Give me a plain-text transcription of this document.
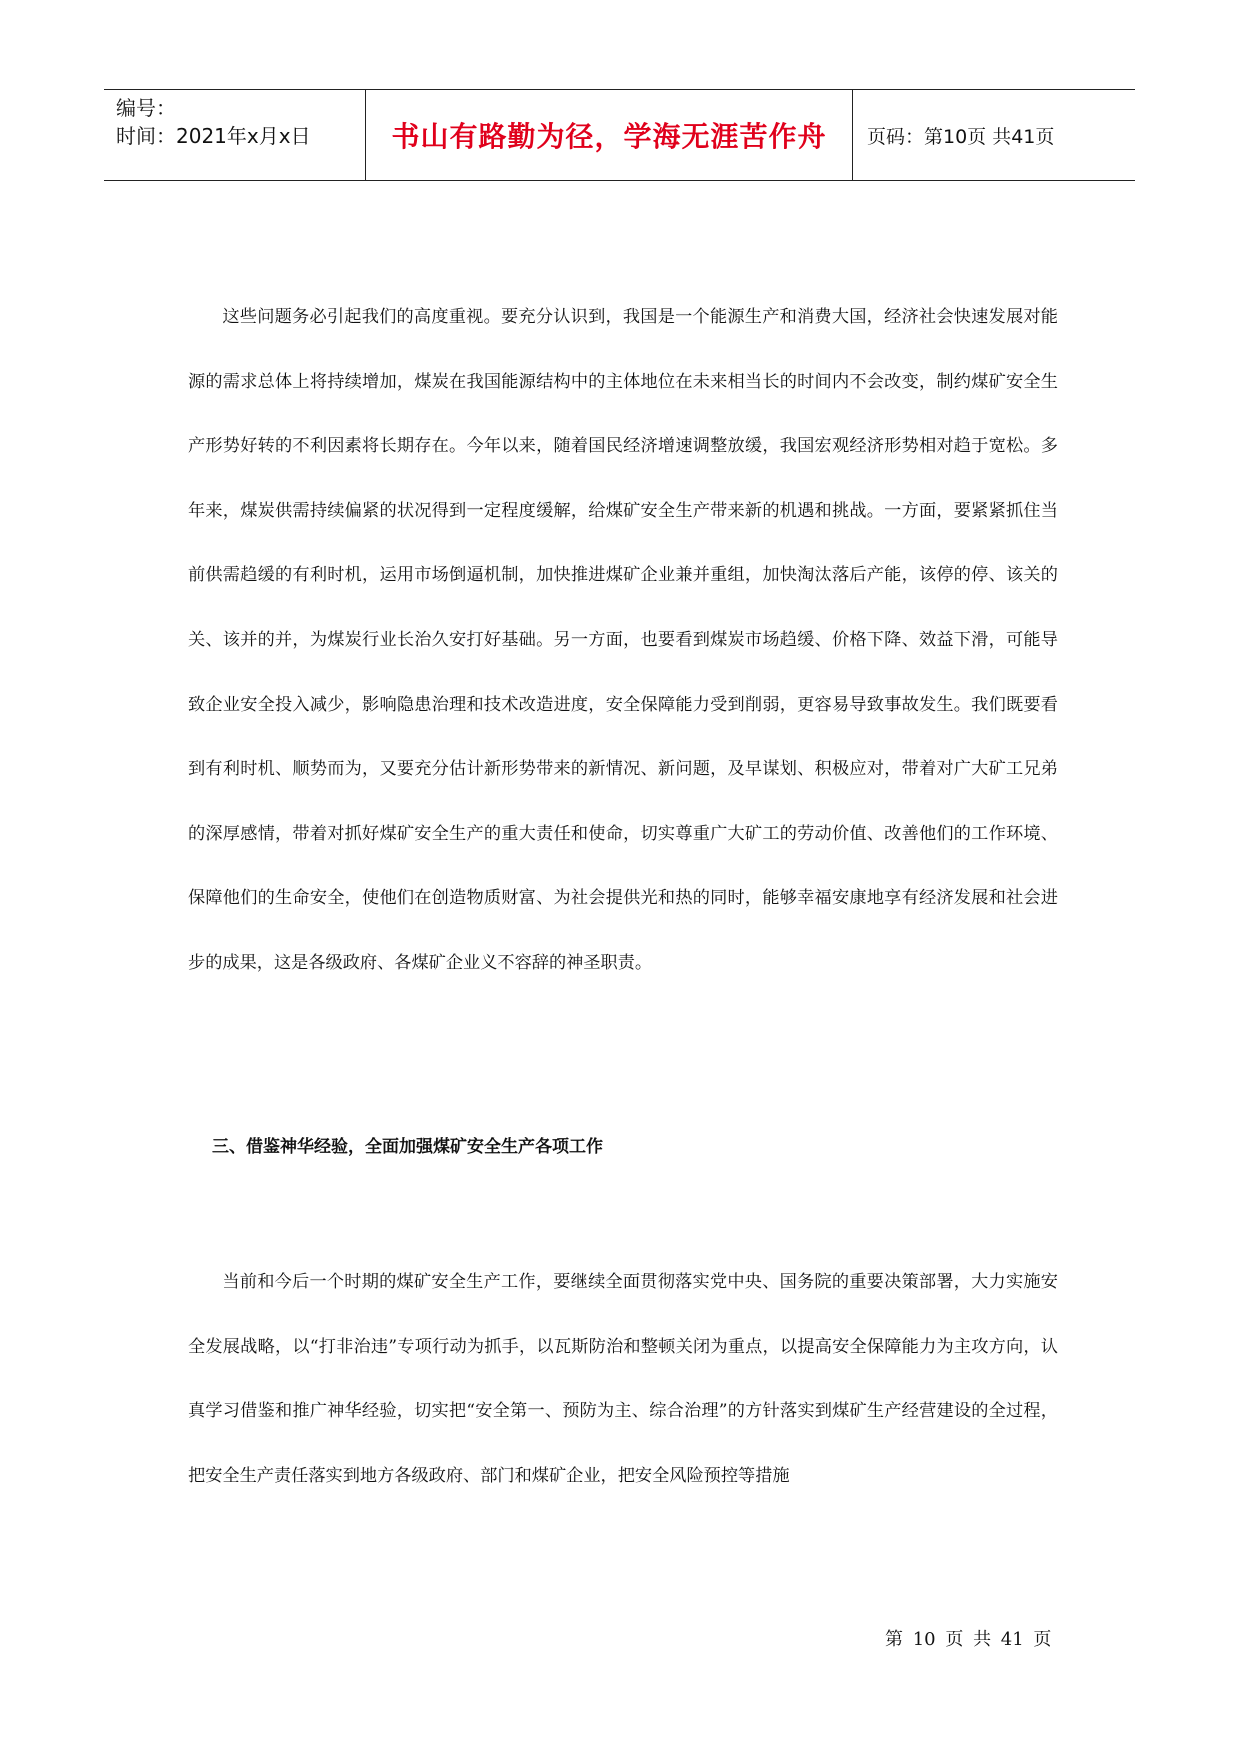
编号：
时间：2021年x月x日	书山有路勤为径，学海无涯苦作舟	页码：第10页 共41页

这些问题务必引起我们的高度重视。要充分认识到，我国是一个能源生产和消费大国，经济社会快速发展对能源的需求总体上将持续增加，煤炭在我国能源结构中的主体地位在未来相当长的时间内不会改变，制约煤矿安全生产形势好转的不利因素将长期存在。今年以来，随着国民经济增速调整放缓，我国宏观经济形势相对趋于宽松。多年来，煤炭供需持续偏紧的状况得到一定程度缓解，给煤矿安全生产带来新的机遇和挑战。一方面，要紧紧抓住当前供需趋缓的有利时机，运用市场倒逼机制，加快推进煤矿企业兼并重组，加快淘汰落后产能，该停的停、该关的关、该并的并，为煤炭行业长治久安打好基础。另一方面，也要看到煤炭市场趋缓、价格下降、效益下滑，可能导致企业安全投入减少，影响隐患治理和技术改造进度，安全保障能力受到削弱，更容易导致事故发生。我们既要看到有利时机、顺势而为，又要充分估计新形势带来的新情况、新问题，及早谋划、积极应对，带着对广大矿工兄弟的深厚感情，带着对抓好煤矿安全生产的重大责任和使命，切实尊重广大矿工的劳动价值、改善他们的工作环境、保障他们的生命安全，使他们在创造物质财富、为社会提供光和热的同时，能够幸福安康地享有经济发展和社会进步的成果，这是各级政府、各煤矿企业义不容辞的神圣职责。

三、借鉴神华经验，全面加强煤矿安全生产各项工作

当前和今后一个时期的煤矿安全生产工作，要继续全面贯彻落实党中央、国务院的重要决策部署，大力实施安全发展战略，以“打非治违”专项行动为抓手，以瓦斯防治和整顿关闭为重点，以提高安全保障能力为主攻方向，认真学习借鉴和推广神华经验，切实把“安全第一、预防为主、综合治理”的方针落实到煤矿生产经营建设的全过程，把安全生产责任落实到地方各级政府、部门和煤矿企业，把安全风险预控等措施

第 10 页 共 41 页
